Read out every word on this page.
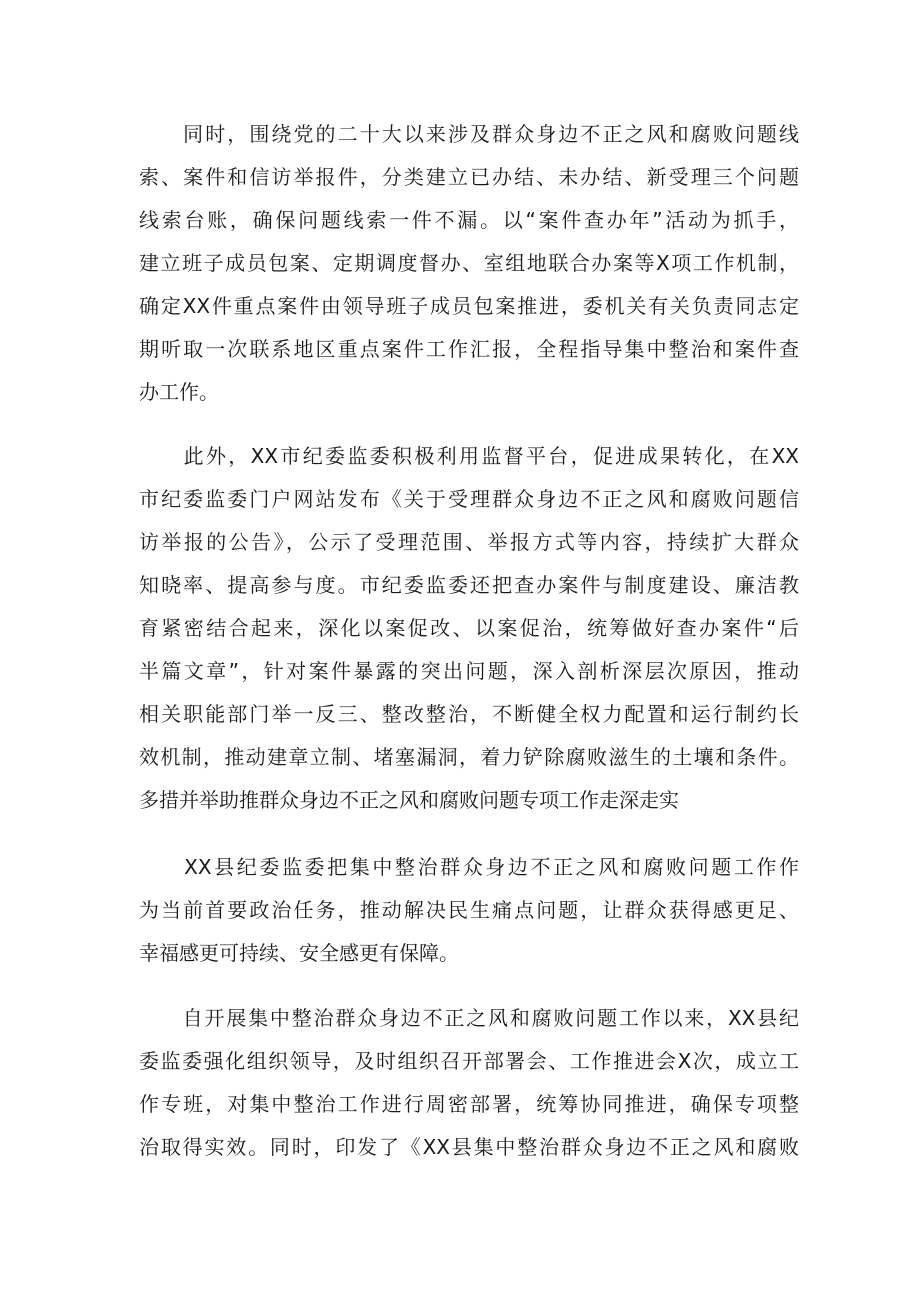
　　同时，围绕党的二十大以来涉及群众身边不正之风和腐败问题线
索、案件和信访举报件，分类建立已办结、未办结、新受理三个问题
线索台账，确保问题线索一件不漏。以“案件查办年”活动为抓手，
建立班子成员包案、定期调度督办、室组地联合办案等X项工作机制，
确定XX件重点案件由领导班子成员包案推进，委机关有关负责同志定
期听取一次联系地区重点案件工作汇报，全程指导集中整治和案件查
办工作。
　　此外，XX市纪委监委积极利用监督平台，促进成果转化，在XX
市纪委监委门户网站发布《关于受理群众身边不正之风和腐败问题信
访举报的公告》，公示了受理范围、举报方式等内容，持续扩大群众
知晓率、提高参与度。市纪委监委还把查办案件与制度建设、廉洁教
育紧密结合起来，深化以案促改、以案促治，统筹做好查办案件“后
半篇文章”，针对案件暴露的突出问题，深入剖析深层次原因，推动
相关职能部门举一反三、整改整治，不断健全权力配置和运行制约长
效机制，推动建章立制、堵塞漏洞，着力铲除腐败滋生的土壤和条件。
多措并举助推群众身边不正之风和腐败问题专项工作走深走实
　　XX县纪委监委把集中整治群众身边不正之风和腐败问题工作作
为当前首要政治任务，推动解决民生痛点问题，让群众获得感更足、
幸福感更可持续、安全感更有保障。
　　自开展集中整治群众身边不正之风和腐败问题工作以来，XX县纪
委监委强化组织领导，及时组织召开部署会、工作推进会X次，成立工
作专班，对集中整治工作进行周密部署，统筹协同推进，确保专项整
治取得实效。同时，印发了《XX县集中整治群众身边不正之风和腐败
